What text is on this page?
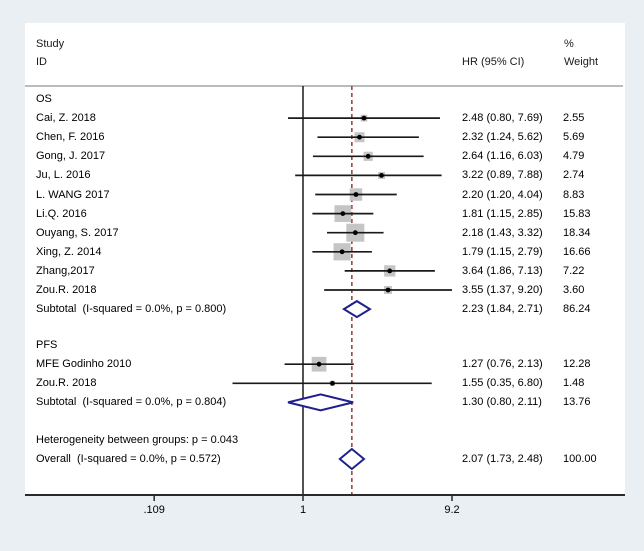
Study
ID	HR (95% CI)
%
Weight
OS
Cai, Z. 2018	2.48 (0.80, 7.69) 2.55
Chen, F. 2016	2.32 (1.24, 5.62) 5.69
Gong, J. 2017	2.64 (1.16, 6.03) 4.79
Ju, L. 2016	3.22 (0.89, 7.88) 2.74
L. WANG 2017	2.20 (1.20, 4.04) 8.83
Li.Q. 2016	1.81 (1.15, 2.85) 15.83
Ouyang, S. 2017	2.18 (1.43, 3.32) 18.34
Xing, Z. 2014	1.79 (1.15, 2.79) 16.66
Zhang,2017	3.64 (1.86, 7.13) 7.22
Zou.R. 2018	3.55 (1.37, 9.20) 3.60
Subtotal  (I-squared = 0.0%, p = 0.800)	2.23 (1.84, 2.71) 86.24
PFS
MFE Godinho 2010	1.27 (0.76, 2.13) 12.28
Zou.R. 2018	1.55 (0.35, 6.80) 1.48
Subtotal  (I-squared = 0.0%, p = 0.804)	1.30 (0.80, 2.11) 13.76
Heterogeneity between groups: p = 0.043
Overall  (I-squared = 0.0%, p = 0.572)	2.07 (1.73, 2.48) 100.00
.109	1	9.2
